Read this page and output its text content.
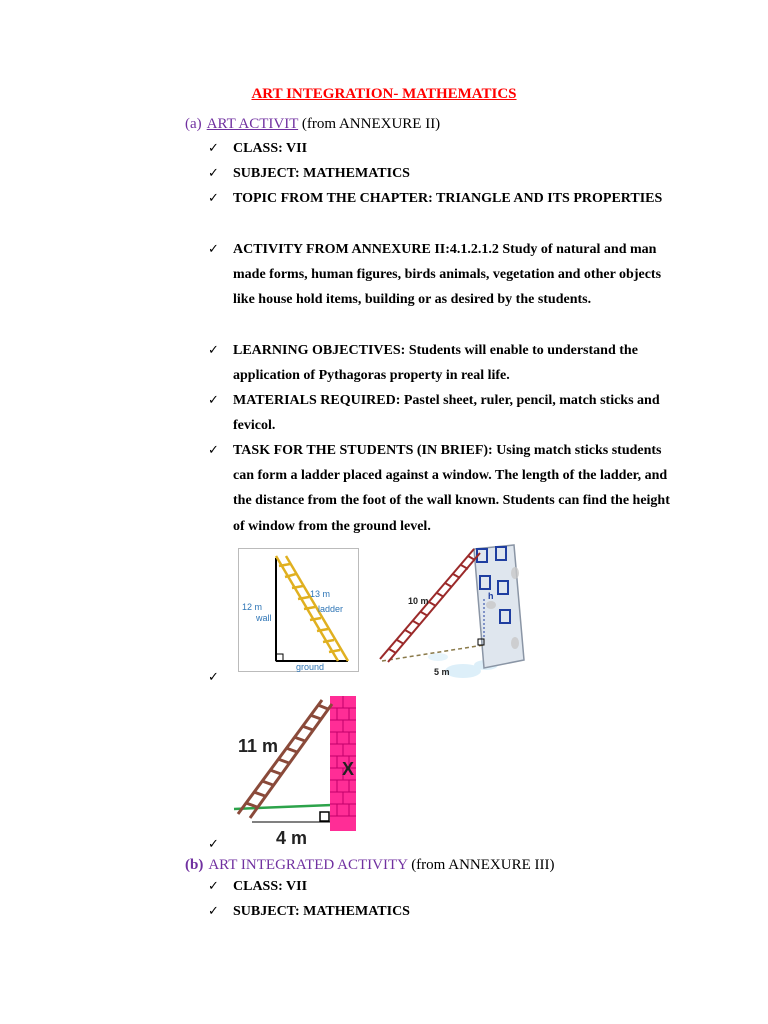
ART INTEGRATION- MATHEMATICS
(a) ART ACTIVIT (from ANNEXURE II)
✓	CLASS: VII
✓	SUBJECT: MATHEMATICS
✓	TOPIC FROM THE CHAPTER: TRIANGLE AND ITS PROPERTIES
✓	ACTIVITY FROM ANNEXURE II:4.1.2.1.2 Study of natural and man made forms, human figures, birds animals, vegetation and other objects like house hold items, building or as desired by the students.
✓	LEARNING OBJECTIVES: Students will enable to understand the application of Pythagoras property in real life.
✓	MATERIALS REQUIRED: Pastel sheet, ruler, pencil, match sticks and fevicol.
✓	TASK FOR THE STUDENTS (IN BRIEF): Using match sticks students can form a ladder placed against a window. The length of the ladder, and the distance from the foot of the wall known. Students can find the height of window from the ground level.
13 m
ladder
12 m
wall
ground
10 m	h
5 m
✓
11 m
X
4 m
✓
(b) ART INTEGRATED ACTIVITY (from ANNEXURE III)
✓	CLASS: VII
✓	SUBJECT: MATHEMATICS
